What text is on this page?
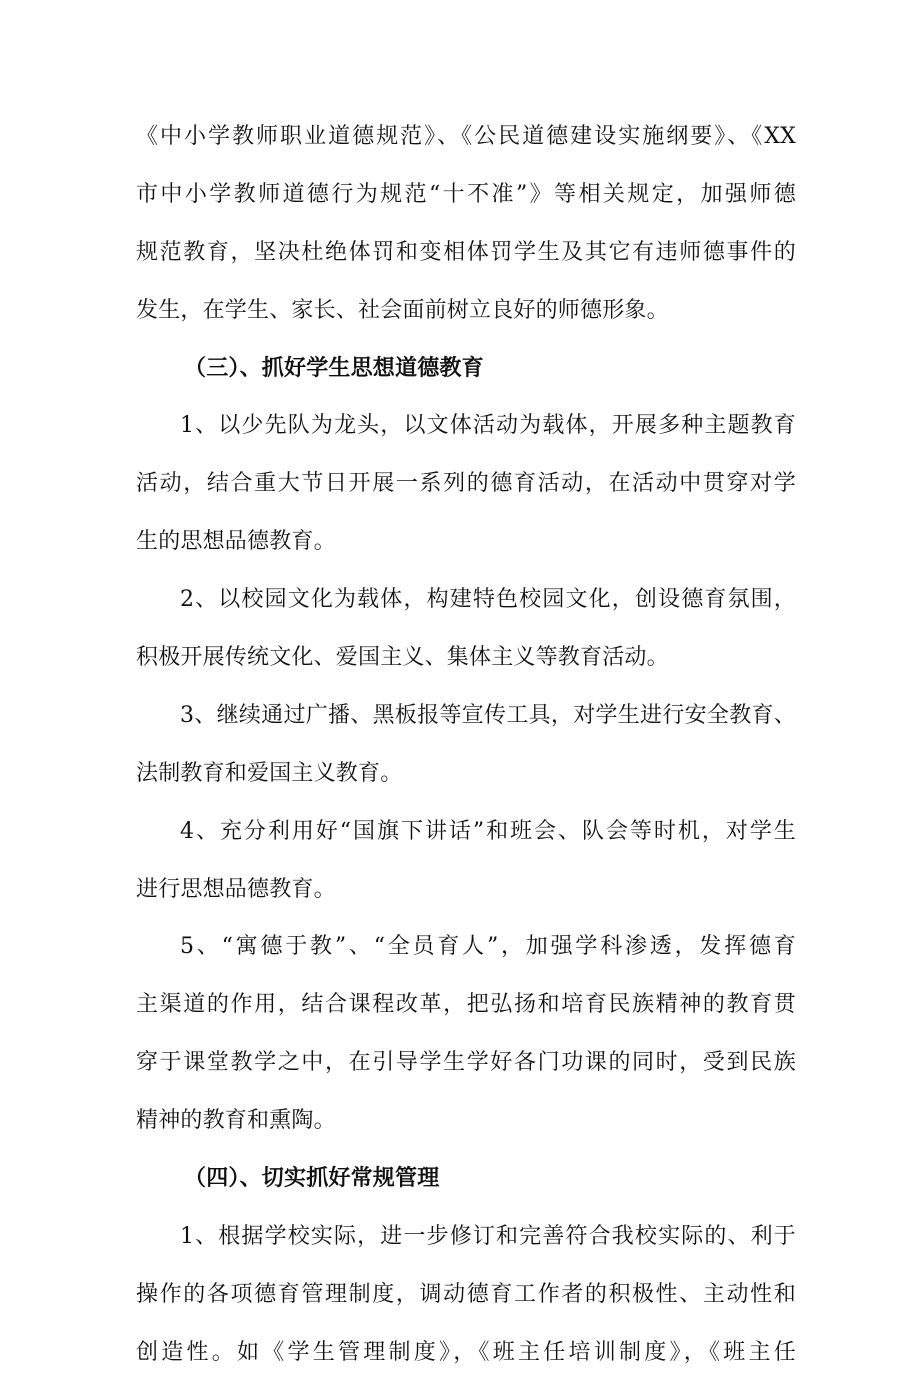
《中小学教师职业道德规范》、《公民道德建设实施纲要》、《XX
市中小学教师道德行为规范“十不准”》等相关规定，加强师德
规范教育，坚决杜绝体罚和变相体罚学生及其它有违师德事件的
发生，在学生、家长、社会面前树立良好的师德形象。
（三）、抓好学生思想道德教育
1、以少先队为龙头，以文体活动为载体，开展多种主题教育
活动，结合重大节日开展一系列的德育活动，在活动中贯穿对学
生的思想品德教育。
2、以校园文化为载体，构建特色校园文化，创设德育氛围，
积极开展传统文化、爱国主义、集体主义等教育活动。
3、继续通过广播、黑板报等宣传工具，对学生进行安全教育、
法制教育和爱国主义教育。
4、充分利用好“国旗下讲话”和班会、队会等时机，对学生
进行思想品德教育。
5、“寓德于教”、“全员育人”，加强学科渗透，发挥德育
主渠道的作用，结合课程改革，把弘扬和培育民族精神的教育贯
穿于课堂教学之中，在引导学生学好各门功课的同时，受到民族
精神的教育和熏陶。
（四）、切实抓好常规管理
1、根据学校实际，进一步修订和完善符合我校实际的、利于
操作的各项德育管理制度，调动德育工作者的积极性、主动性和
创造性。如《学生管理制度》，《班主任培训制度》，《班主任
